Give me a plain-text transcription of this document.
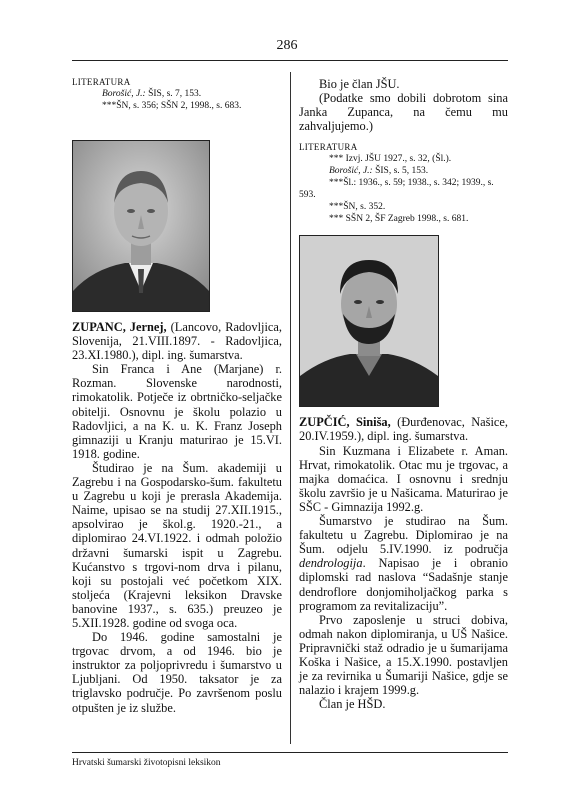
286

LITERATURA

Borošić, J.: ŠIS, s. 7, 153.

***ŠN, s. 356; SŠN 2, 1998., s. 683.

ZUPANC, Jernej, (Lancovo, Radovljica, Slovenija, 21.VIII.1897. - Radovljica, 23.XI.1980.), dipl. ing. šumarstva.

Sin Franca i Ane (Marjane) r. Rozman. Slovenske narodnosti, rimokatolik. Potječe iz obrtničko-seljačke obitelji. Osnovnu je školu polazio u Radovljici, a na K. u. K. Franz Joseph gimnaziji u Kranju maturirao je 15.VI. 1918. godine.

Študirao je na Šum. akademiji u Zagrebu i na Gospodarsko-šum. fakultetu u Zagrebu u koji je prerasla Akademija. Naime, upisao se na studij 27.XII.1915., apsolvirao je škol.g. 1920.-21., a diplomirao 24.VI.1922. i odmah položio državni šumarski ispit u Zagrebu. Kućanstvo s trgovi-nom drva i pilanu, koji su postojali već početkom XIX. stoljeća (Krajevni leksikon Dravske banovine 1937., s. 635.) preuzeo je 5.XII.1928. godine od svoga oca.

Do 1946. godine samostalni je trgovac drvom, a od 1946. bio je instruktor za poljoprivredu i šumarstvo u Ljubljani. Od 1950. taksator je za triglavsko područje. Po završenom poslu otpušten je iz službe.

Bio je član JŠU.

(Podatke smo dobili dobrotom sina Janka Zupanca, na čemu mu zahvaljujemo.)

LITERATURA

*** Izvj. JŠU 1927., s. 32, (Šl.).

Borošić, J.: ŠIS, s. 5, 153.

***Šl.: 1936., s. 59; 1938., s. 342; 1939., s. 593.

***ŠN, s. 352.

*** SŠN 2, ŠF Zagreb 1998., s. 681.

ZUPČIĆ, Siniša, (Đurđenovac, Našice, 20.IV.1959.), dipl. ing. šumarstva.

Sin Kuzmana i Elizabete r. Aman. Hrvat, rimokatolik. Otac mu je trgovac, a majka domaćica. I osnovnu i srednju školu završio je u Našicama. Maturirao je SŠC - Gimnazija 1992.g.

Šumarstvo je studirao na Šum. fakultetu u Zagrebu. Diplomirao je na Šum. odjelu 5.IV.1990. iz područja dendrologija. Napisao je i obranio diplomski rad naslova “Sadašnje stanje dendroflore donjomiholjačkog parka s programom za revitalizaciju”.

Prvo zaposlenje u struci dobiva, odmah nakon diplomiranja, u UŠ Našice. Pripravnički staž odradio je u šumarijama Koška i Našice, a 15.X.1990. postavljen je za revirnika u Šumariji Našice, gdje se nalazio i krajem 1999.g.

Član je HŠD.

Hrvatski šumarski životopisni leksikon
